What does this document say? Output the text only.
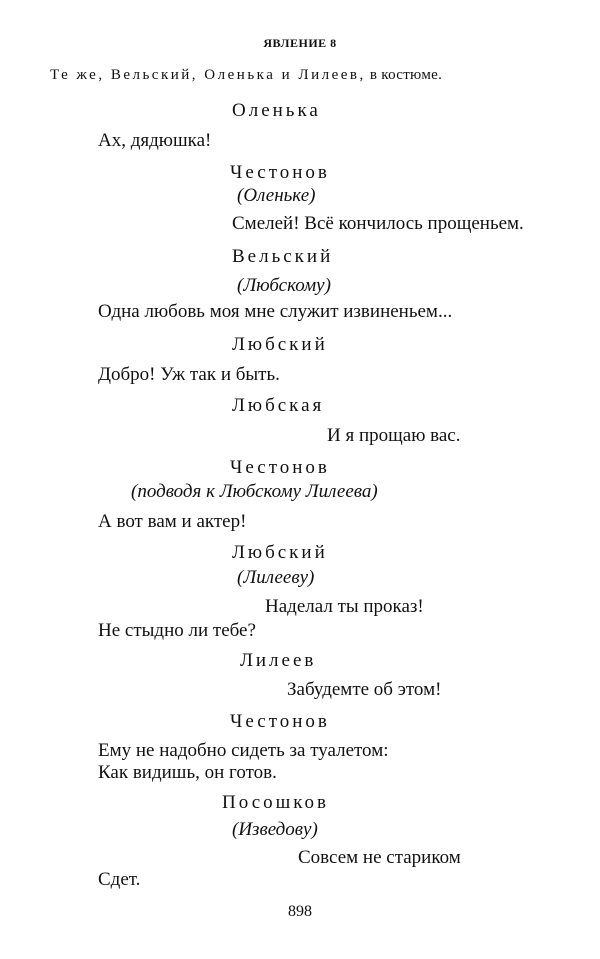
ЯВЛЕНИЕ 8
Те же, Вельский, Оленька и Лилеев, в костюме.
Оленька
Ах, дядюшка!
Честонов
(Оленьке)
Смелей! Всё кончилось прощеньем.
Вельский
(Любскому)
Одна любовь моя мне служит извиненьем...
Любский
Добро! Уж так и быть.
Любская
И я прощаю вас.
Честонов
(подводя к Любскому Лилеева)
А вот вам и актер!
Любский
(Лилееву)
Наделал ты проказ!
Не стыдно ли тебе?
Лилеев
Забудемте об этом!
Честонов
Ему не надобно сидеть за туалетом:
Как видишь, он готов.
Посошков
(Изведову)
Совсем не стариком
Сдет.
898
